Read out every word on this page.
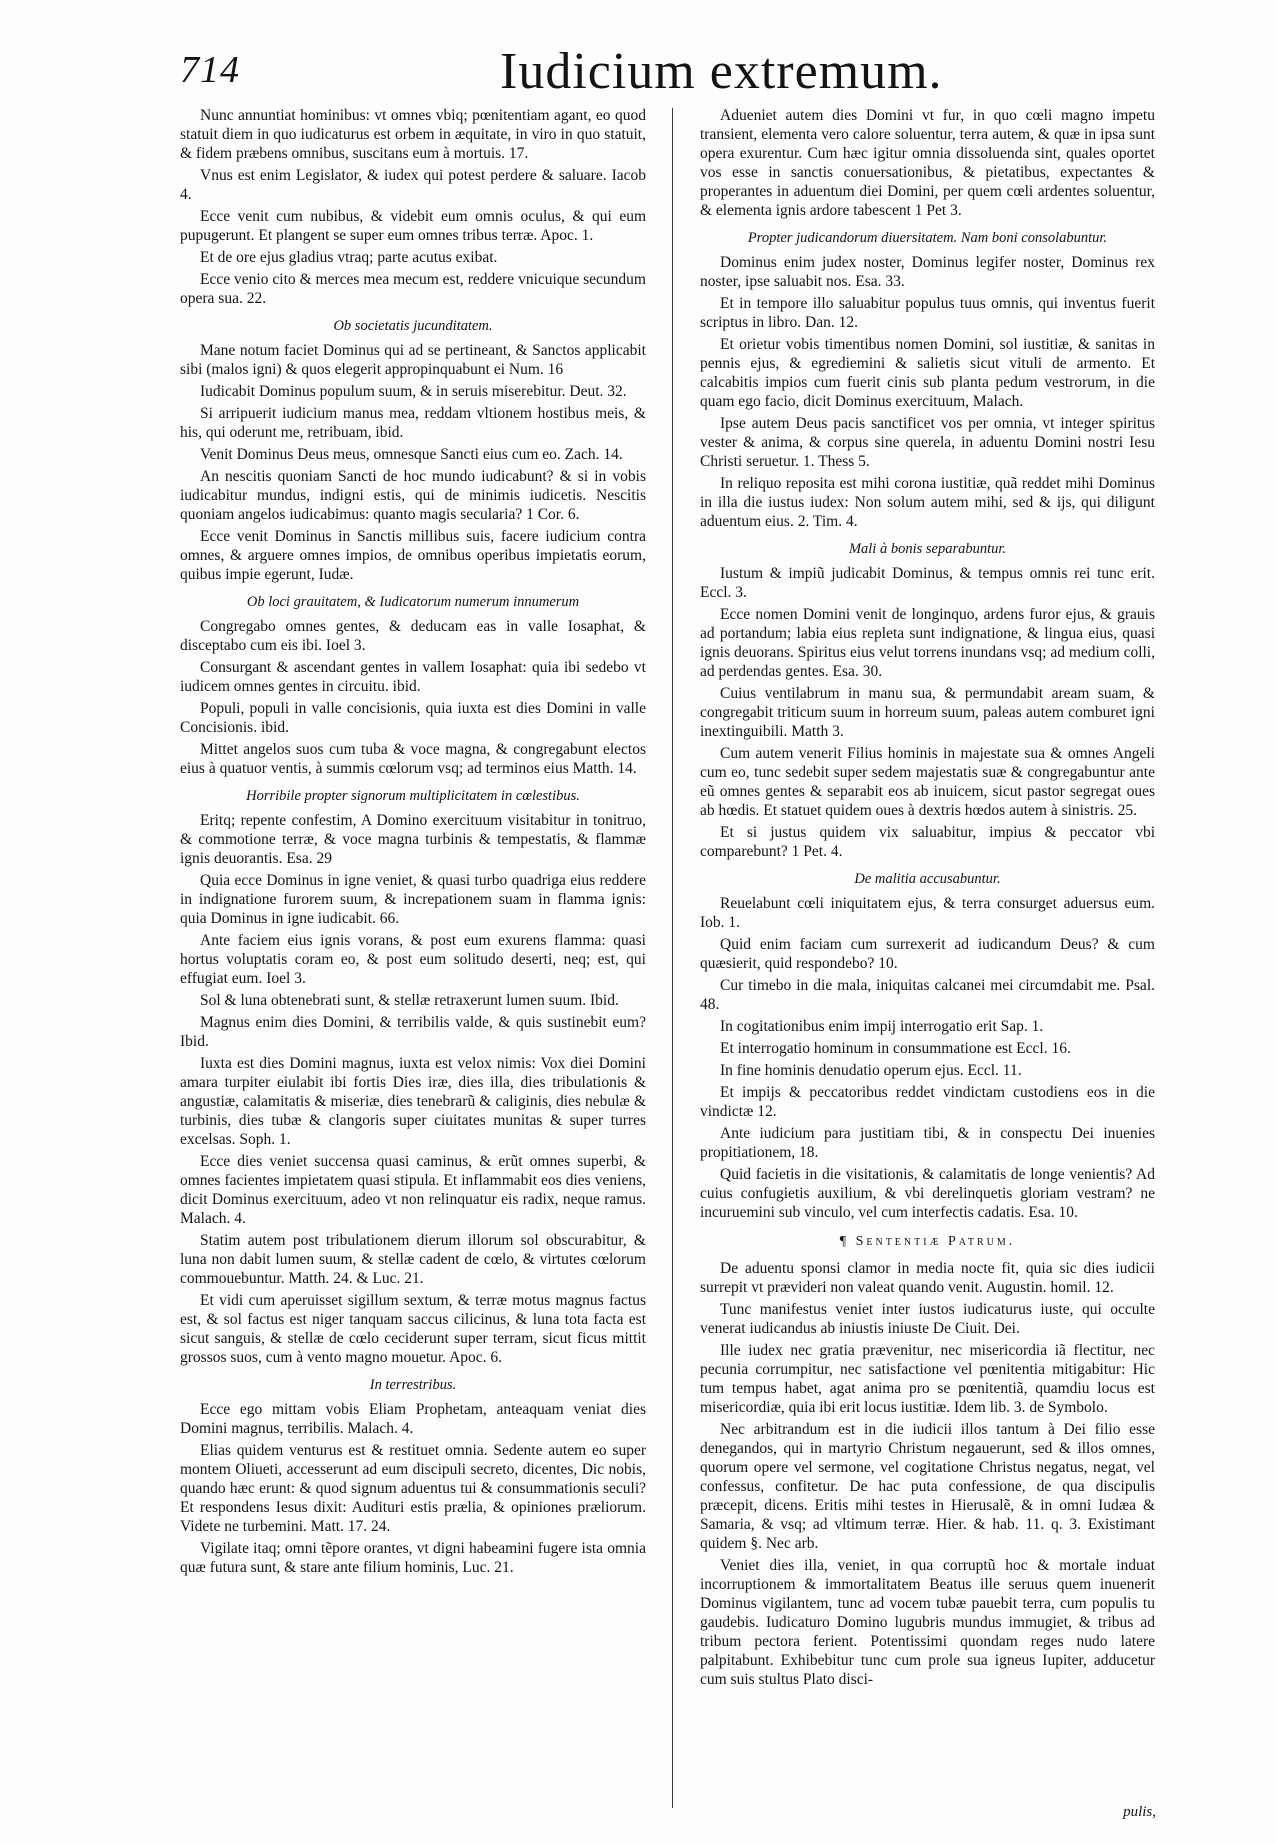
714	Iudicium extremum.
Nunc annuntiat hominibus: vt omnes vbiq; pœnitentiam agant, eo quod statuit diem in quo iudicaturus est orbem in æquitate, in viro in quo statuit, & fidem præbens omnibus, suscitans eum à mortuis. 17.
Vnus est enim Legislator, & iudex qui potest perdere & saluare. Iacob 4.
Ecce venit cum nubibus, & videbit eum omnis oculus, & qui eum pupugerunt. Et plangent se super eum omnes tribus terræ. Apoc. 1.
Et de ore ejus gladius vtraq; parte acutus exibat.
Ecce venio cito & merces mea mecum est, reddere vnicuique secundum opera sua. 22.
Ob societatis jucunditatem.
Mane notum faciet Dominus qui ad se pertineant, & Sanctos applicabit sibi (malos igni) & quos elegerit appropinquabunt ei Num. 16
Iudicabit Dominus populum suum, & in seruis miserebitur. Deut. 32.
Si arripuerit iudicium manus mea, reddam vltionem hostibus meis, & his, qui oderunt me, retribuam, ibid.
Venit Dominus Deus meus, omnesque Sancti eius cum eo. Zach. 14.
An nescitis quoniam Sancti de hoc mundo iudicabunt? & si in vobis iudicabitur mundus, indigni estis, qui de minimis iudicetis. Nescitis quoniam angelos iudicabimus: quanto magis secularia? 1 Cor. 6.
Ecce venit Dominus in Sanctis millibus suis, facere iudicium contra omnes, & arguere omnes impios, de omnibus operibus impietatis eorum, quibus impie egerunt, Iudæ.
Ob loci grauitatem, & Iudicatorum numerum innumerum
Congregabo omnes gentes, & deducam eas in valle Iosaphat, & disceptabo cum eis ibi. Ioel 3.
Consurgant & ascendant gentes in vallem Iosaphat: quia ibi sedebo vt iudicem omnes gentes in circuitu. ibid.
Populi, populi in valle concisionis, quia iuxta est dies Domini in valle Concisionis. ibid.
Mittet angelos suos cum tuba & voce magna, & congregabunt electos eius à quatuor ventis, à summis cœlorum vsq; ad terminos eius Matth. 14.
Horribile propter signorum multiplicitatem in cœlestibus.
Eritq; repente confestim, A Domino exercituum visitabitur in tonitruo, & commotione terræ, & voce magna turbinis & tempestatis, & flammæ ignis deuorantis. Esa. 29
Quia ecce Dominus in igne veniet, & quasi turbo quadriga eius reddere in indignatione furorem suum, & increpationem suam in flamma ignis: quia Dominus in igne iudicabit. 66.
Ante faciem eius ignis vorans, & post eum exurens flamma: quasi hortus voluptatis coram eo, & post eum solitudo deserti, neq; est, qui effugiat eum. Ioel 3.
Sol & luna obtenebrati sunt, & stellæ retraxerunt lumen suum. Ibid.
Magnus enim dies Domini, & terribilis valde, & quis sustinebit eum? Ibid.
Iuxta est dies Domini magnus, iuxta est velox nimis: Vox diei Domini amara turpiter eiulabit ibi fortis Dies iræ, dies illa, dies tribulationis & angustiæ, calamitatis & miseriæ, dies tenebrarũ & caliginis, dies nebulæ & turbinis, dies tubæ & clangoris super ciuitates munitas & super turres excelsas. Soph. 1.
Ecce dies veniet succensa quasi caminus, & erũt omnes superbi, & omnes facientes impietatem quasi stipula. Et inflammabit eos dies veniens, dicit Dominus exercituum, adeo vt non relinquatur eis radix, neque ramus. Malach. 4.
Statim autem post tribulationem dierum illorum sol obscurabitur, & luna non dabit lumen suum, & stellæ cadent de cœlo, & virtutes cœlorum commouebuntur. Matth. 24. & Luc. 21.
Et vidi cum aperuisset sigillum sextum, & terræ motus magnus factus est, & sol factus est niger tanquam saccus cilicinus, & luna tota facta est sicut sanguis, & stellæ de cœlo ceciderunt super terram, sicut ficus mittit grossos suos, cum à vento magno mouetur. Apoc. 6.
In terrestribus.
Ecce ego mittam vobis Eliam Prophetam, anteaquam veniat dies Domini magnus, terribilis. Malach. 4.
Elias quidem venturus est & restituet omnia. Sedente autem eo super montem Oliueti, accesserunt ad eum discipuli secreto, dicentes, Dic nobis, quando hæc erunt: & quod signum aduentus tui & consummationis seculi? Et respondens Iesus dixit: Audituri estis prælia, & opiniones præliorum. Videte ne turbemini. Matt. 17. 24.
Vigilate itaq; omni tẽpore orantes, vt digni habeamini fugere ista omnia quæ futura sunt, & stare ante filium hominis, Luc. 21.
Adueniet autem dies Domini vt fur, in quo cœli magno impetu transient, elementa vero calore soluentur, terra autem, & quæ in ipsa sunt opera exurentur. Cum hæc igitur omnia dissoluenda sint, quales oportet vos esse in sanctis conuersationibus, & pietatibus, expectantes & properantes in aduentum diei Domini, per quem cœli ardentes soluentur, & elementa ignis ardore tabescent 1 Pet 3.
Propter judicandorum diuersitatem. Nam boni consolabuntur.
Dominus enim judex noster, Dominus legifer noster, Dominus rex noster, ipse saluabit nos. Esa. 33.
Et in tempore illo saluabitur populus tuus omnis, qui inventus fuerit scriptus in libro. Dan. 12.
Et orietur vobis timentibus nomen Domini, sol iustitiæ, & sanitas in pennis ejus, & egrediemini & salietis sicut vituli de armento. Et calcabitis impios cum fuerit cinis sub planta pedum vestrorum, in die quam ego facio, dicit Dominus exercituum, Malach.
Ipse autem Deus pacis sanctificet vos per omnia, vt integer spiritus vester & anima, & corpus sine querela, in aduentu Domini nostri Iesu Christi seruetur. 1. Thess 5.
In reliquo reposita est mihi corona iustitiæ, quã reddet mihi Dominus in illa die iustus iudex: Non solum autem mihi, sed & ijs, qui diligunt aduentum eius. 2. Tim. 4.
Mali à bonis separabuntur.
Iustum & impiũ judicabit Dominus, & tempus omnis rei tunc erit. Eccl. 3.
Ecce nomen Domini venit de longinquo, ardens furor ejus, & grauis ad portandum; labia eius repleta sunt indignatione, & lingua eius, quasi ignis deuorans. Spiritus eius velut torrens inundans vsq; ad medium colli, ad perdendas gentes. Esa. 30.
Cuius ventilabrum in manu sua, & permundabit aream suam, & congregabit triticum suum in horreum suum, paleas autem comburet igni inextinguibili. Matth 3.
Cum autem venerit Filius hominis in majestate sua & omnes Angeli cum eo, tunc sedebit super sedem majestatis suæ & congregabuntur ante eũ omnes gentes & separabit eos ab inuicem, sicut pastor segregat oues ab hœdis. Et statuet quidem oues à dextris hœdos autem à sinistris. 25.
Et si justus quidem vix saluabitur, impius & peccator vbi comparebunt? 1 Pet. 4.
De malitia accusabuntur.
Reuelabunt cœli iniquitatem ejus, & terra consurget aduersus eum. Iob. 1.
Quid enim faciam cum surrexerit ad iudicandum Deus? & cum quæsierit, quid respondebo? 10.
Cur timebo in die mala, iniquitas calcanei mei circumdabit me. Psal. 48.
In cogitationibus enim impij interrogatio erit Sap. 1.
Et interrogatio hominum in consummatione est Eccl. 16.
In fine hominis denudatio operum ejus. Eccl. 11.
Et impijs & peccatoribus reddet vindictam custodiens eos in die vindictæ 12.
Ante iudicium para justitiam tibi, & in conspectu Dei inuenies propitiationem, 18.
Quid facietis in die visitationis, & calamitatis de longe venientis? Ad cuius confugietis auxilium, & vbi derelinquetis gloriam vestram? ne incuruemini sub vinculo, vel cum interfectis cadatis. Esa. 10.
¶ Sententiæ Patrum.
De aduentu sponsi clamor in media nocte fit, quia sic dies iudicii surrepit vt prævideri non valeat quando venit. Augustin. homil. 12.
Tunc manifestus veniet inter iustos iudicaturus iuste, qui occulte venerat iudicandus ab iniustis iniuste De Ciuit. Dei.
Ille iudex nec gratia prævenitur, nec misericordia iã flectitur, nec pecunia corrumpitur, nec satisfactione vel pœnitentia mitigabitur: Hic tum tempus habet, agat anima pro se pœnitentiã, quamdiu locus est misericordiæ, quia ibi erit locus iustitiæ. Idem lib. 3. de Symbolo.
Nec arbitrandum est in die iudicii illos tantum à Dei filio esse denegandos, qui in martyrio Christum negauerunt, sed & illos omnes, quorum opere vel sermone, vel cogitatione Christus negatus, negat, vel confessus, confitetur. De hac puta confessione, de qua discipulis præcepit, dicens. Eritis mihi testes in Hierusalẽ, & in omni Iudæa & Samaria, & vsq; ad vltimum terræ. Hier. & hab. 11. q. 3. Existimant quidem §. Nec arb.
Veniet dies illa, veniet, in qua corruptũ hoc & mortale induat incorruptionem & immortalitatem Beatus ille seruus quem inuenerit Dominus vigilantem, tunc ad vocem tubæ pauebit terra, cum populis tu gaudebis. Iudicaturo Domino lugubris mundus immugiet, & tribus ad tribum pectora ferient. Potentissimi quondam reges nudo latere palpitabunt. Exhibebitur tunc cum prole sua igneus Iupiter, adducetur cum suis stultus Plato disci-
pulis,
